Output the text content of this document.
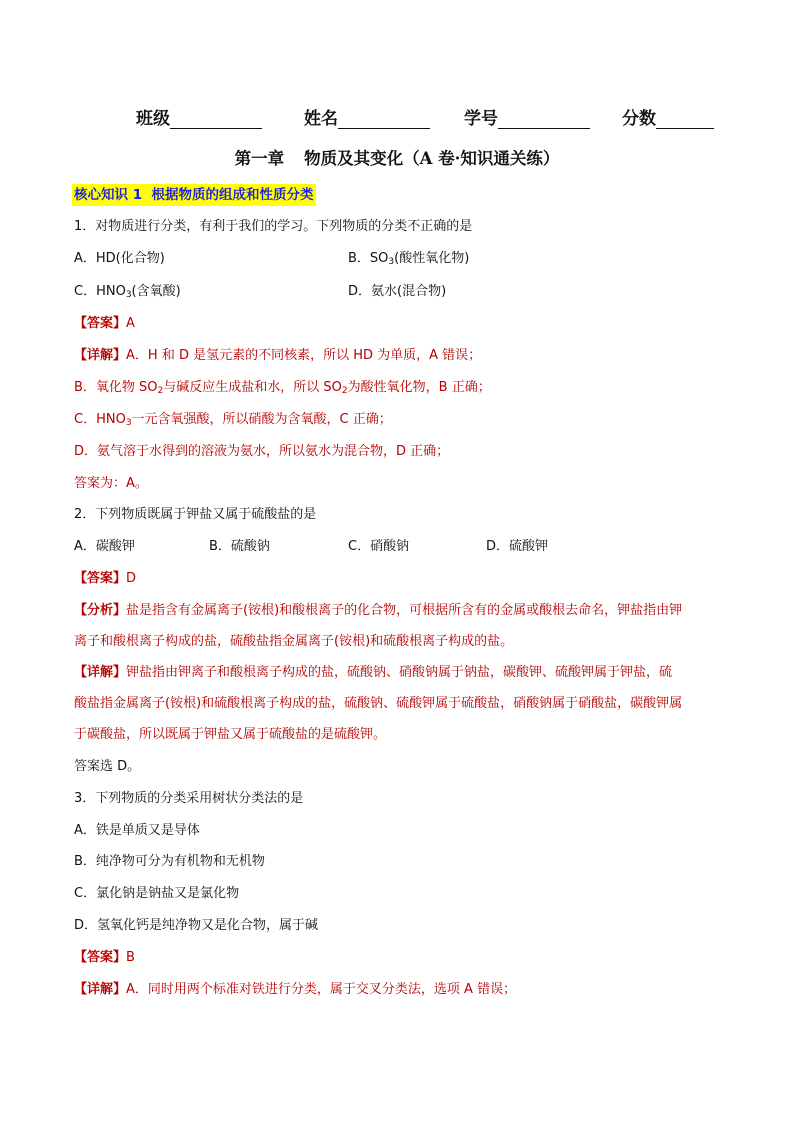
班级	姓名	学号	分数
第一章 物质及其变化（A 卷·知识通关练）
核心知识 1 根据物质的组成和性质分类
1．对物质进行分类，有利于我们的学习。下列物质的分类不正确的是
A．HD(化合物)	B．$SO_3$(酸性氧化物)
C．$HNO_3$(含氧酸)	D．氨水(混合物)
【答案】A
【详解】A．H 和 D 是氢元素的不同核素，所以 HD 为单质，A 错误；
B．氧化物 $SO_2$与碱反应生成盐和水，所以 $SO_2$为酸性氧化物，B 正确；
C．$HNO_3$一元含氧强酸，所以硝酸为含氧酸，C 正确；
D．氨气溶于水得到的溶液为氨水，所以氨水为混合物，D 正确；
答案为：A。
2．下列物质既属于钾盐又属于硫酸盐的是
A．碳酸钾	B．硫酸钠	C．硝酸钠	D．硫酸钾
【答案】D
【分析】盐是指含有金属离子(铵根)和酸根离子的化合物，可根据所含有的金属或酸根去命名，钾盐指由钾
离子和酸根离子构成的盐，硫酸盐指金属离子(铵根)和硫酸根离子构成的盐。
【详解】钾盐指由钾离子和酸根离子构成的盐，硫酸钠、硝酸钠属于钠盐，碳酸钾、硫酸钾属于钾盐，硫
酸盐指金属离子(铵根)和硫酸根离子构成的盐，硫酸钠、硫酸钾属于硫酸盐，硝酸钠属于硝酸盐，碳酸钾属
于碳酸盐，所以既属于钾盐又属于硫酸盐的是硫酸钾。
答案选 D。
3．下列物质的分类采用树状分类法的是
A．铁是单质又是导体
B．纯净物可分为有机物和无机物
C．氯化钠是钠盐又是氯化物
D．氢氧化钙是纯净物又是化合物，属于碱
【答案】B
【详解】A．同时用两个标准对铁进行分类，属于交叉分类法，选项 A 错误；
